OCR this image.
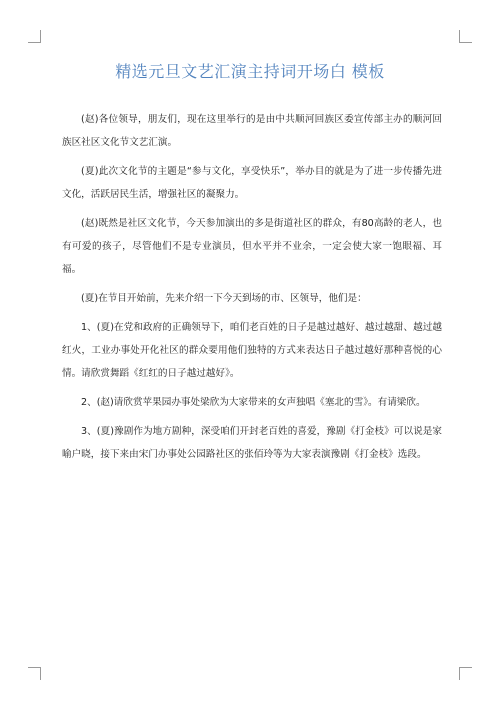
精选元旦文艺汇演主持词开场白 模板

(赵)各位领导，朋友们，现在这里举行的是由中共顺河回族区委宣传部主办的顺河回族区社区文化节文艺汇演。

(夏)此次文化节的主题是“参与文化，享受快乐”，举办目的就是为了进一步传播先进文化，活跃居民生活，增强社区的凝聚力。

(赵)既然是社区文化节，今天参加演出的多是街道社区的群众，有80高龄的老人，也有可爱的孩子，尽管他们不是专业演员，但水平并不业余，一定会使大家一饱眼福、耳福。

(夏)在节目开始前，先来介绍一下今天到场的市、区领导，他们是：

1、(夏)在党和政府的正确领导下，咱们老百姓的日子是越过越好、越过越甜、越过越红火，工业办事处开化社区的群众要用他们独特的方式来表达日子越过越好那种喜悦的心情。请欣赏舞蹈《红红的日子越过越好》。

2、(赵)请欣赏苹果园办事处梁欣为大家带来的女声独唱《塞北的雪》。有请梁欣。

3、(夏)豫剧作为地方剧种，深受咱们开封老百姓的喜爱，豫剧《打金枝》可以说是家喻户晓，接下来由宋门办事处公园路社区的张佰玲等为大家表演豫剧《打金枝》选段。
